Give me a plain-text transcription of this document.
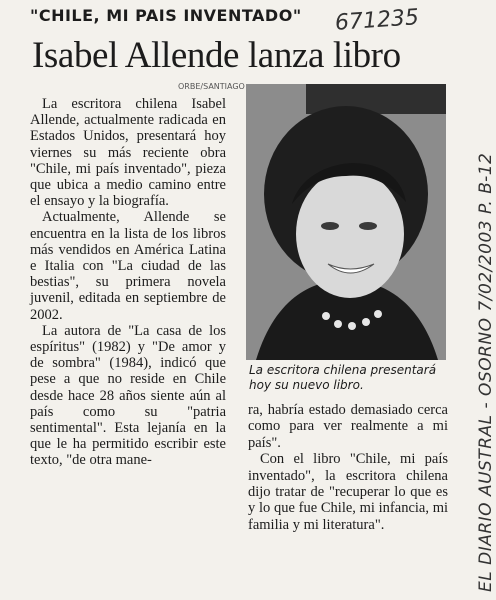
"CHILE, MI PAIS INVENTADO" 671235
EL DIARIO AUSTRAL - OSORNO 7/02/2003 P. B-12
Isabel Allende lanza libro
ORBE/SANTIAGO

La escritora chilena Isabel Allende, actualmente radicada en Estados Unidos, presentará hoy viernes su más reciente obra "Chile, mi país inventado", pieza que ubica a medio camino entre el ensayo y la biografía.

Actualmente, Allende se encuentra en la lista de los libros más vendidos en América Latina e Italia con "La ciudad de las bestias", su primera novela juvenil, editada en septiembre de 2002.

La autora de "La casa de los espíritus" (1982) y "De amor y de sombra" (1984), indicó que pese a que no reside en Chile desde hace 28 años siente aún al país como su "patria sentimental". Esta lejanía en la que le ha permitido escribir este texto, "de otra mane-

La escritora chilena presentará hoy su nuevo libro.

ra, habría estado demasiado cerca como para ver realmente a mi país".

Con el libro "Chile, mi país inventado", la escritora chilena dijo tratar de "recuperar lo que es y lo que fue Chile, mi infancia, mi familia y mi literatura".
